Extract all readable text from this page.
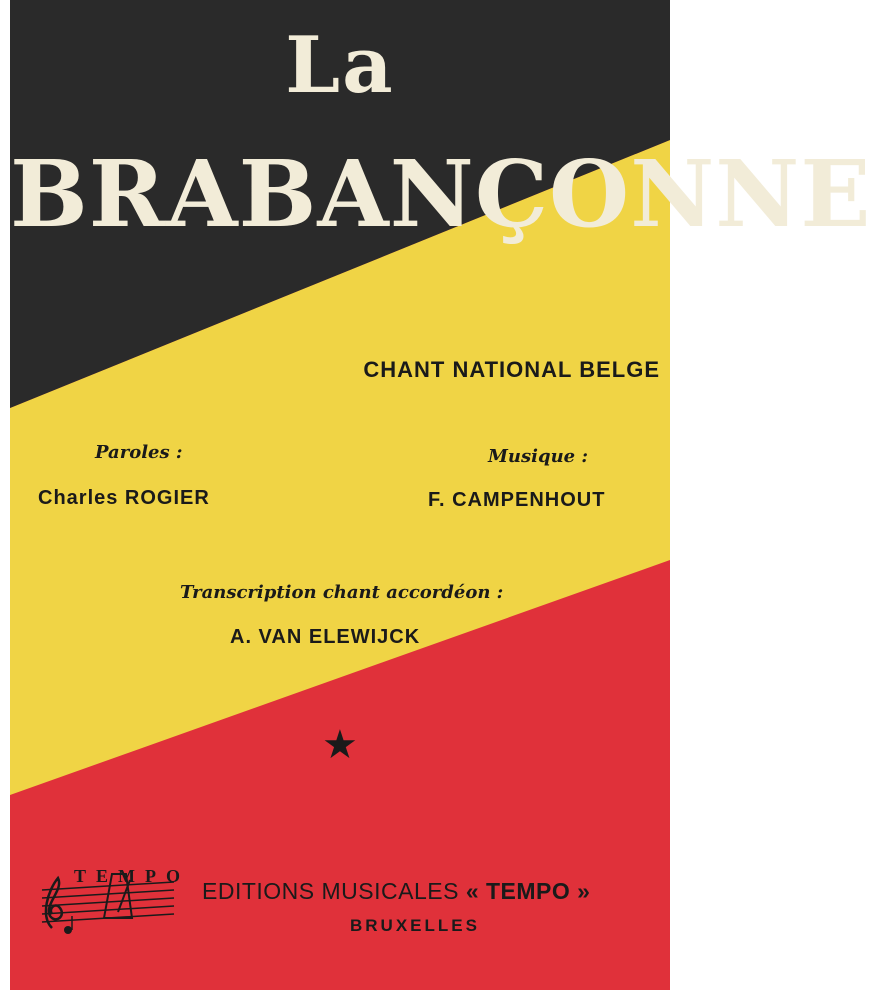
La
BRABANÇONNE
CHANT NATIONAL BELGE
Paroles :
Charles ROGIER
Musique :
F. CAMPENHOUT
Transcription chant accordéon :
A. VAN ELEWIJCK
★
TEMPO
EDITIONS MUSICALES « TEMPO »
BRUXELLES
